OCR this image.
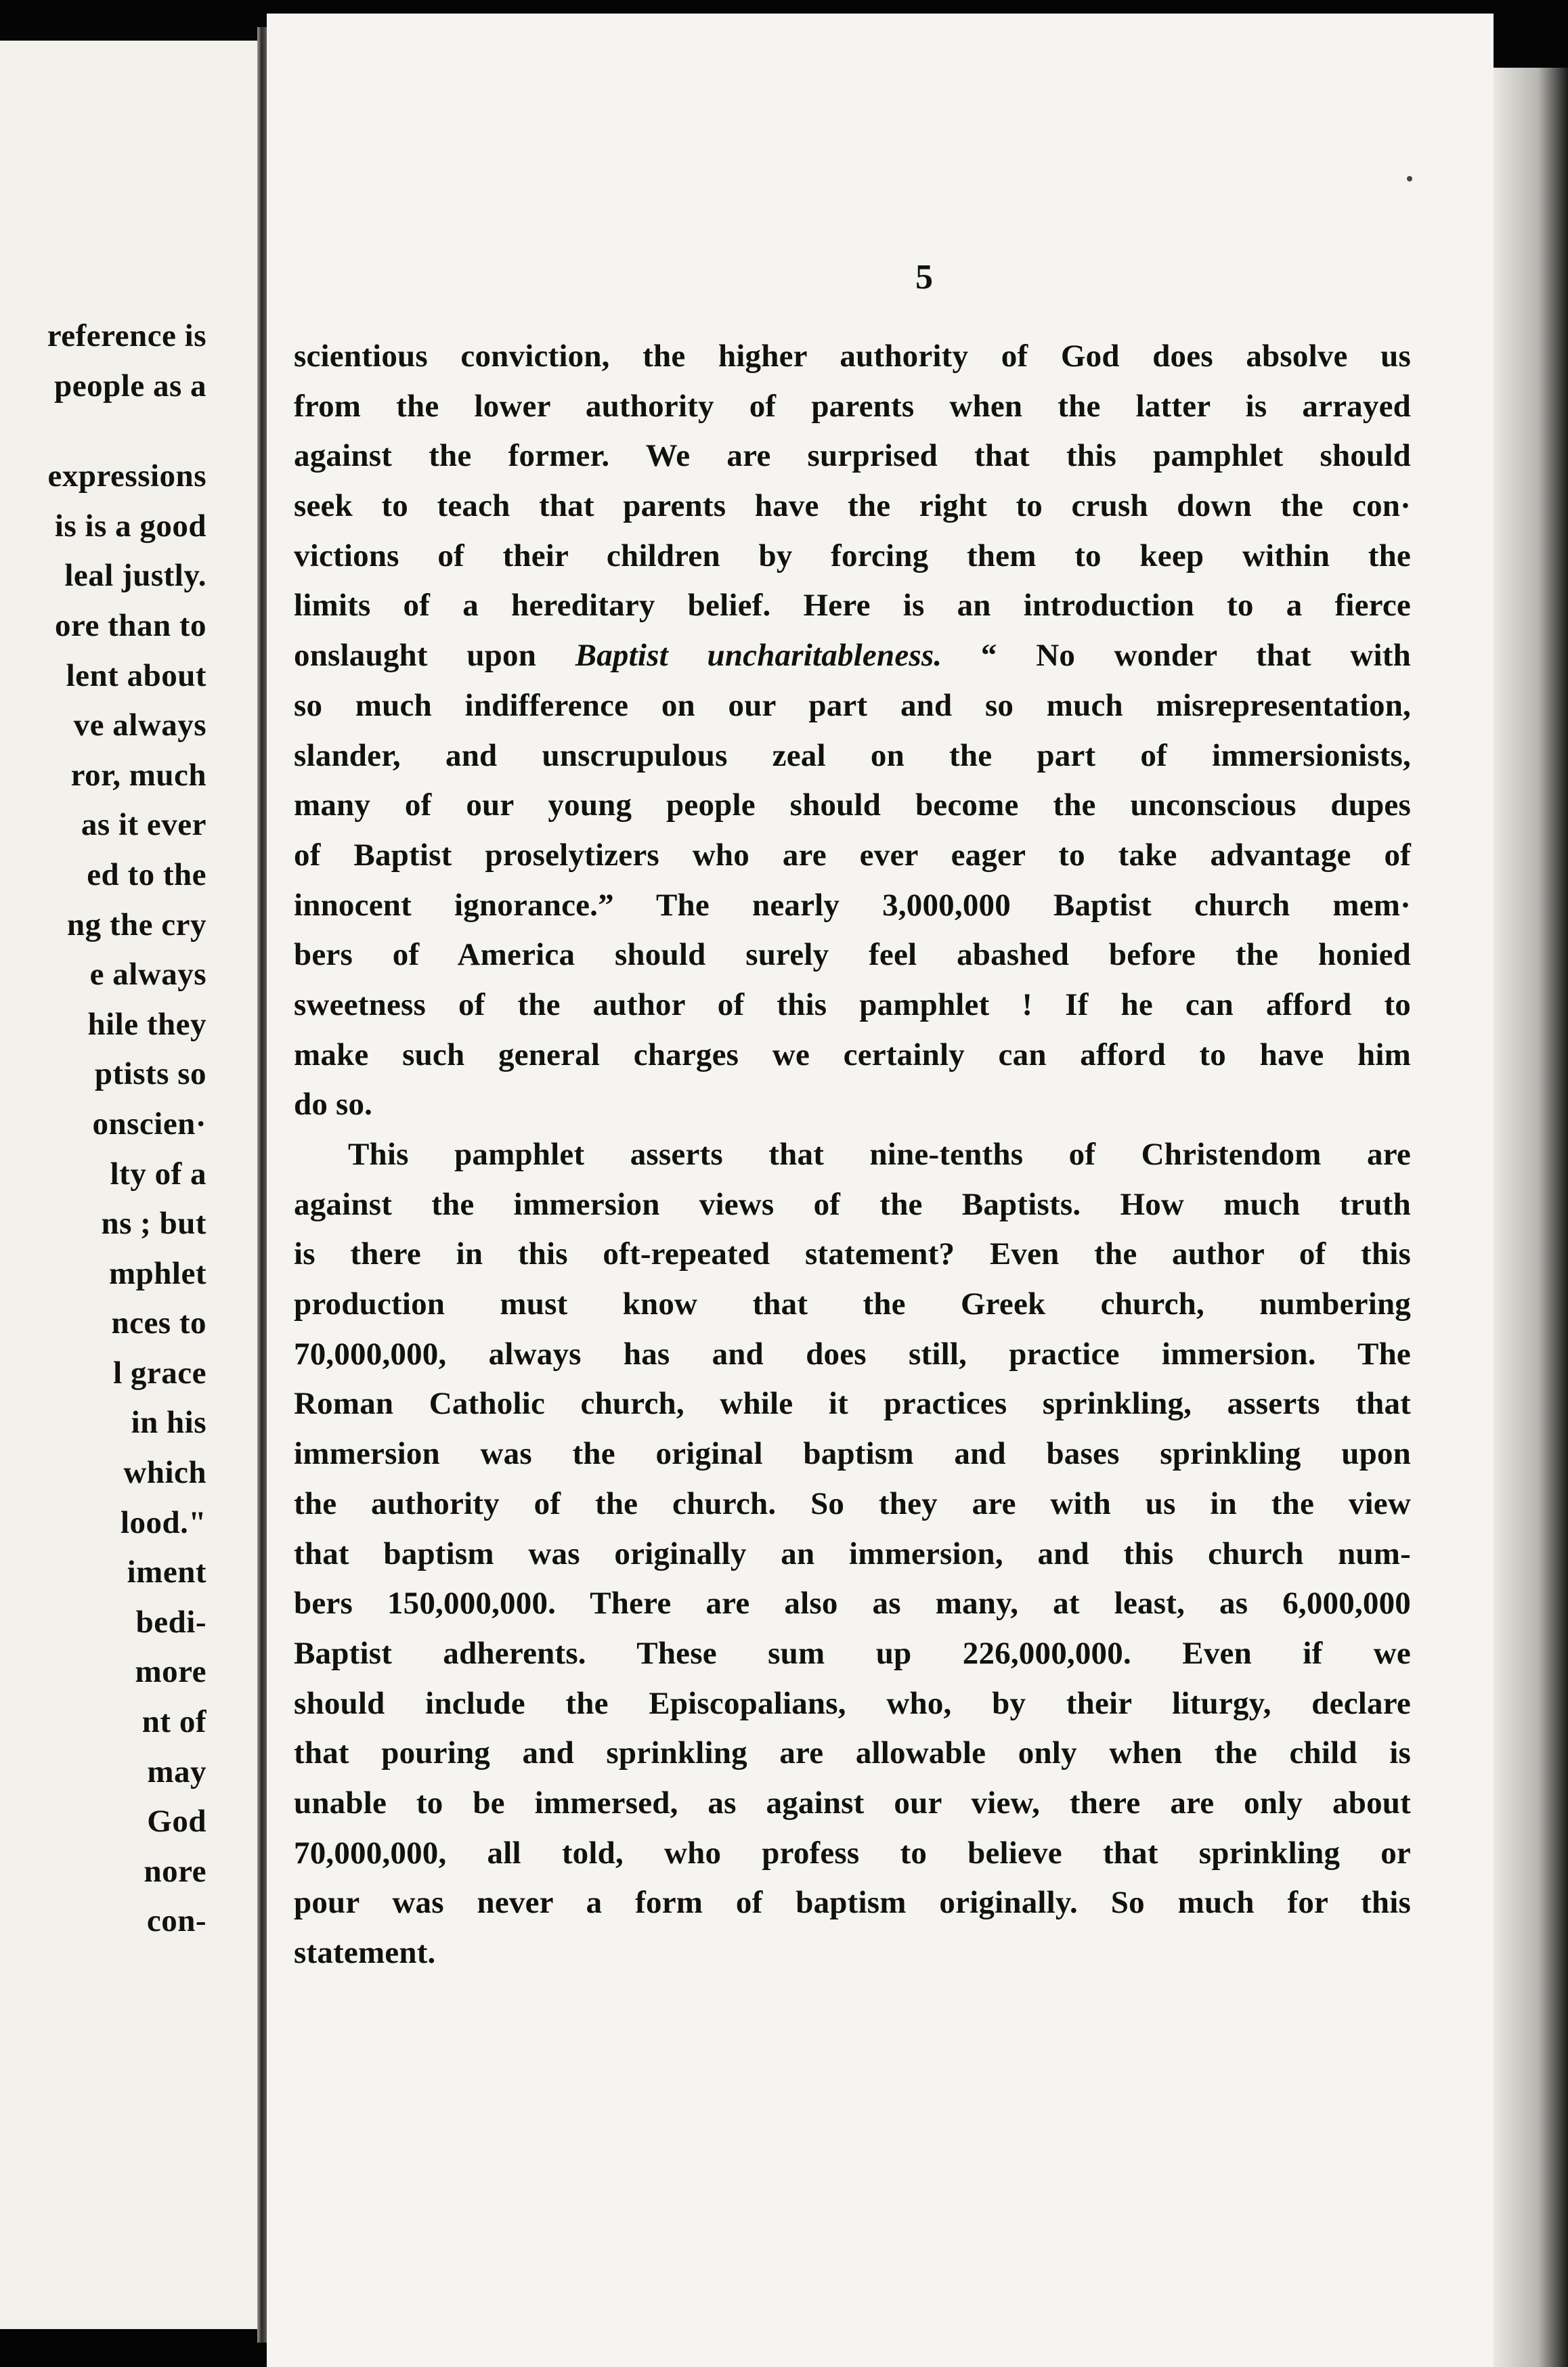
reference is
people as a
expressions
is is a good
leal justly.
ore than to
lent about
ve always
ror, much
as it ever
ed to the
ng the cry
e always
hile they
ptists so
onscien·
lty of a
ns ; but
mphlet
nces to
l grace
in his
which
lood."
iment
bedi-
more
nt of
may
God
nore
con-
5
scientious conviction, the higher authority of God does absolve us
from the lower authority of parents when the latter is arrayed
against the former. We are surprised that this pamphlet should
seek to teach that parents have the right to crush down the con·
victions of their children by forcing them to keep within the
limits of a hereditary belief. Here is an introduction to a fierce
onslaught upon Baptist uncharitableness. “ No wonder that with
so much indifference on our part and so much misrepresentation,
slander, and unscrupulous zeal on the part of immersionists,
many of our young people should become the unconscious dupes
of Baptist proselytizers who are ever eager to take advantage of
innocent ignorance.” The nearly 3,000,000 Baptist church mem·
bers of America should surely feel abashed before the honied
sweetness of the author of this pamphlet ! If he can afford to
make such general charges we certainly can afford to have him
do so.
This pamphlet asserts that nine-tenths of Christendom are
against the immersion views of the Baptists. How much truth
is there in this oft-repeated statement? Even the author of this
production must know that the Greek church, numbering
70,000,000, always has and does still, practice immersion. The
Roman Catholic church, while it practices sprinkling, asserts that
immersion was the original baptism and bases sprinkling upon
the authority of the church. So they are with us in the view
that baptism was originally an immersion, and this church num-
bers 150,000,000. There are also as many, at least, as 6,000,000
Baptist adherents. These sum up 226,000,000. Even if we
should include the Episcopalians, who, by their liturgy, declare
that pouring and sprinkling are allowable only when the child is
unable to be immersed, as against our view, there are only about
70,000,000, all told, who profess to believe that sprinkling or
pour was never a form of baptism originally. So much for this
statement.
